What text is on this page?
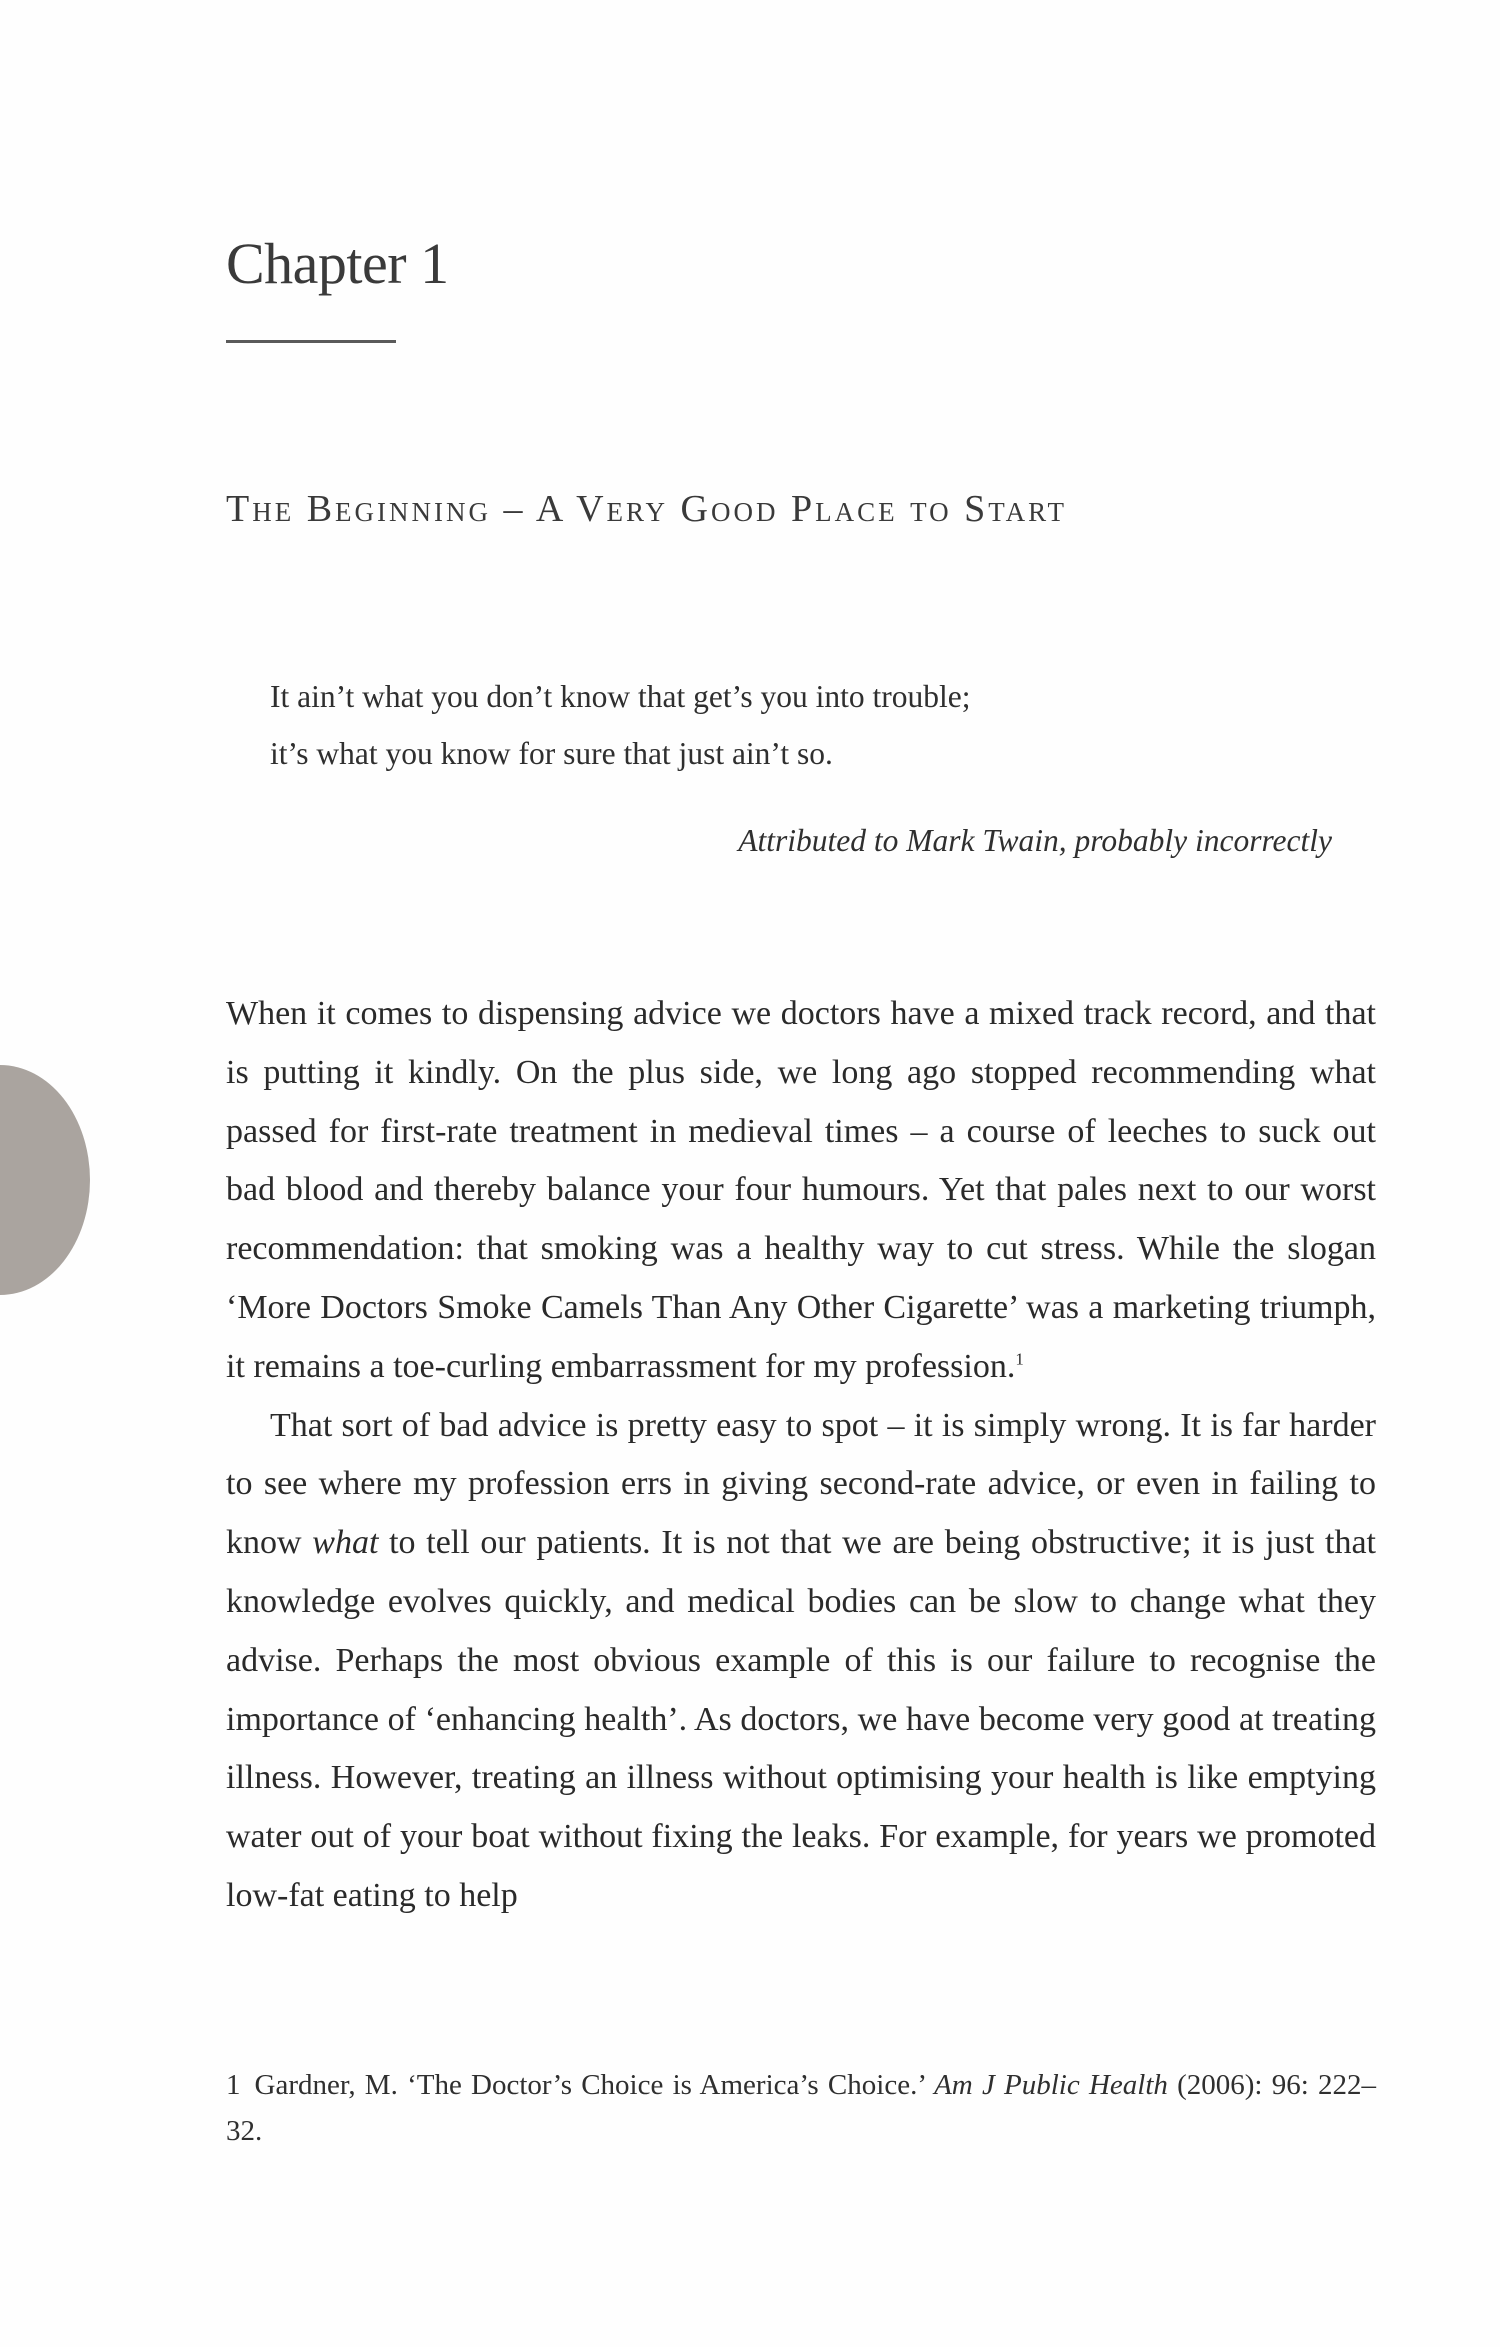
Chapter 1
The Beginning – A Very Good Place to Start
It ain’t what you don’t know that get’s you into trouble;
it’s what you know for sure that just ain’t so.
Attributed to Mark Twain, probably incorrectly

When it comes to dispensing advice we doctors have a mixed track record, and that is putting it kindly. On the plus side, we long ago stopped recommending what passed for first-rate treatment in medieval times – a course of leeches to suck out bad blood and thereby balance your four humours. Yet that pales next to our worst recommendation: that smoking was a healthy way to cut stress. While the slogan ‘More Doctors Smoke Camels Than Any Other Cigarette’ was a marketing triumph, it remains a toe-curling embarrassment for my profession.$^1$

That sort of bad advice is pretty easy to spot – it is simply wrong. It is far harder to see where my profession errs in giving second-rate advice, or even in failing to know what to tell our patients. It is not that we are being obstructive; it is just that knowledge evolves quickly, and medical bodies can be slow to change what they advise. Perhaps the most obvious example of this is our failure to recognise the importance of ‘enhancing health’. As doctors, we have become very good at treating illness. However, treating an illness without optimising your health is like emptying water out of your boat without fixing the leaks. For example, for years we promoted low-fat eating to help

1 Gardner, M. ‘The Doctor’s Choice is America’s Choice.’ Am J Public Health (2006): 96: 222–32.
